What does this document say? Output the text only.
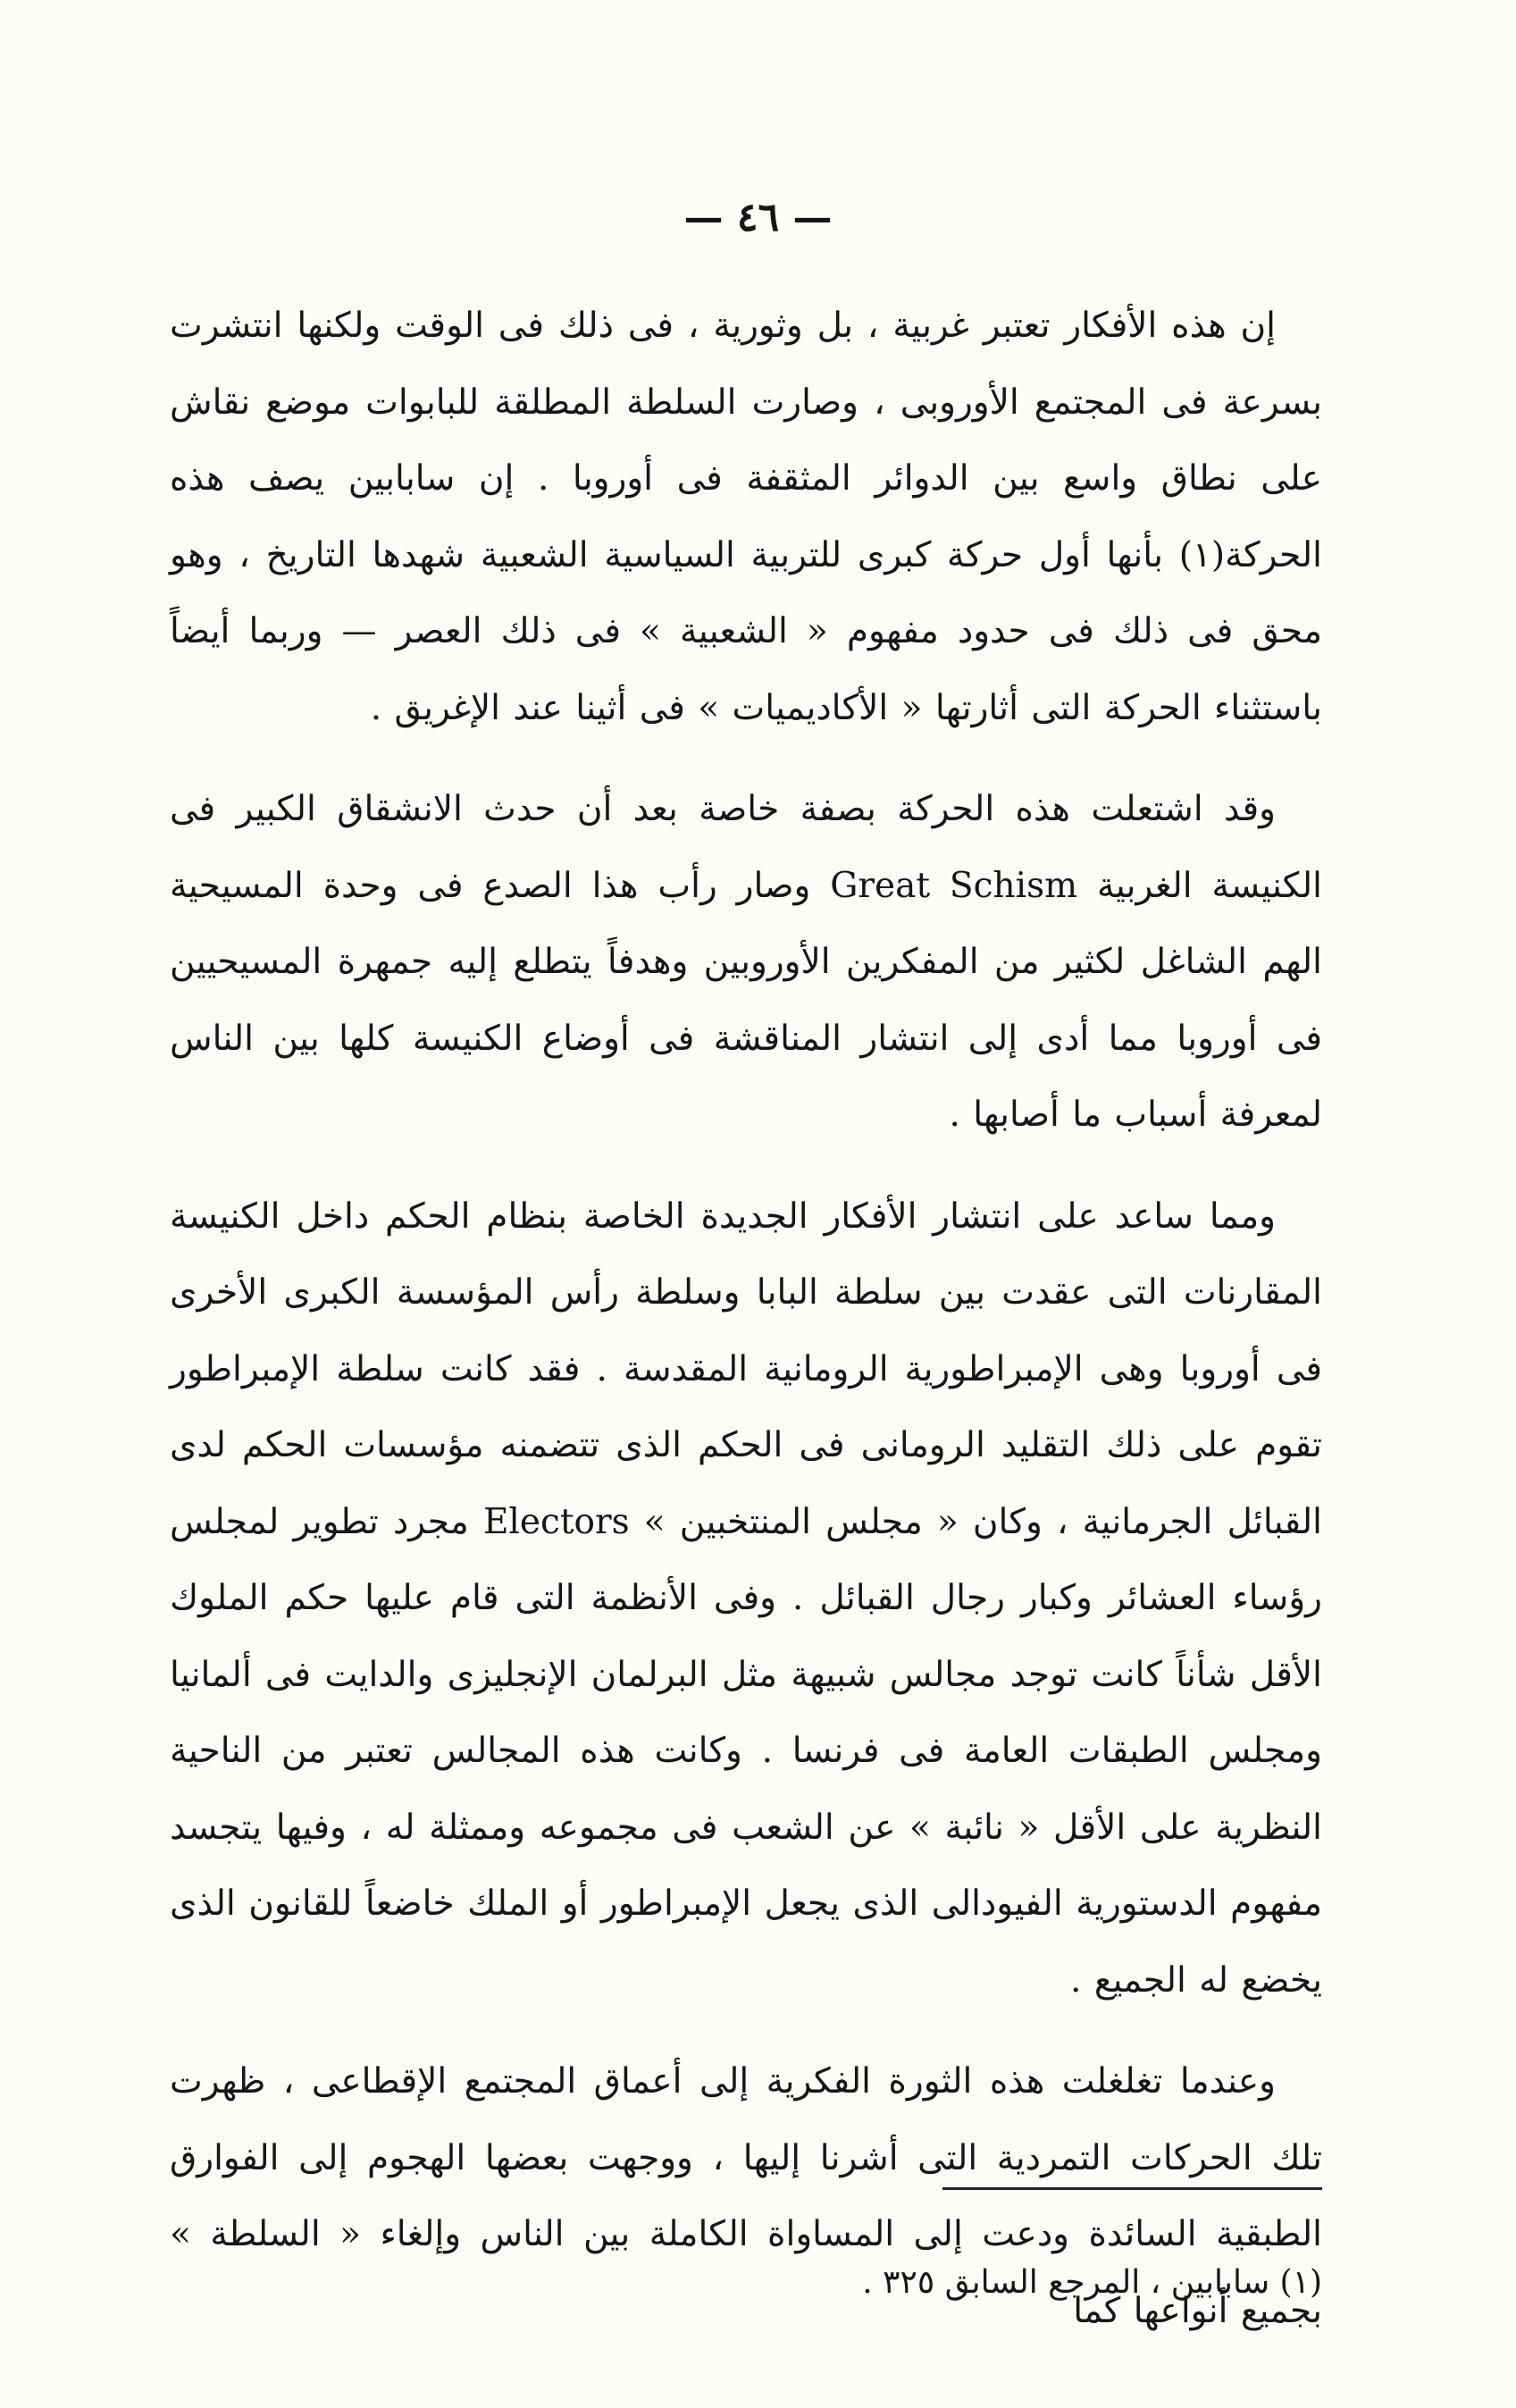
— ٤٦ —

إن هذه الأفكار تعتبر غربية ، بل وثورية ، فى ذلك فى الوقت ولكنها انتشرت بسرعة فى المجتمع الأوروبى ، وصارت السلطة المطلقة للبابوات موضع نقاش على نطاق واسع بين الدوائر المثقفة فى أوروبا . إن سابابين يصف هذه الحركة(١) بأنها أول حركة كبرى للتربية السياسية الشعبية شهدها التاريخ ، وهو محق فى ذلك فى حدود مفهوم « الشعبية » فى ذلك العصر — وربما أيضاً باستثناء الحركة التى أثارتها « الأكاديميات » فى أثينا عند الإغريق .

وقد اشتعلت هذه الحركة بصفة خاصة بعد أن حدث الانشقاق الكبير فى الكنيسة الغربية Great Schism وصار رأب هذا الصدع فى وحدة المسيحية الهم الشاغل لكثير من المفكرين الأوروبين وهدفاً يتطلع إليه جمهرة المسيحيين فى أوروبا مما أدى إلى انتشار المناقشة فى أوضاع الكنيسة كلها بين الناس لمعرفة أسباب ما أصابها .

ومما ساعد على انتشار الأفكار الجديدة الخاصة بنظام الحكم داخل الكنيسة المقارنات التى عقدت بين سلطة البابا وسلطة رأس المؤسسة الكبرى الأخرى فى أوروبا وهى الإمبراطورية الرومانية المقدسة . فقد كانت سلطة الإمبراطور تقوم على ذلك التقليد الرومانى فى الحكم الذى تتضمنه مؤسسات الحكم لدى القبائل الجرمانية ، وكان « مجلس المنتخبين » Electors مجرد تطوير لمجلس رؤساء العشائر وكبار رجال القبائل . وفى الأنظمة التى قام عليها حكم الملوك الأقل شأناً كانت توجد مجالس شبيهة مثل البرلمان الإنجليزى والدايت فى ألمانيا ومجلس الطبقات العامة فى فرنسا . وكانت هذه المجالس تعتبر من الناحية النظرية على الأقل « نائبة » عن الشعب فى مجموعه وممثلة له ، وفيها يتجسد مفهوم الدستورية الفيودالى الذى يجعل الإمبراطور أو الملك خاضعاً للقانون الذى يخضع له الجميع .

وعندما تغلغلت هذه الثورة الفكرية إلى أعماق المجتمع الإقطاعى ، ظهرت تلك الحركات التمردية التى أشرنا إليها ، ووجهت بعضها الهجوم إلى الفوارق الطبقية السائدة ودعت إلى المساواة الكاملة بين الناس وإلغاء « السلطة » بجميع أنواعها كما

(١) سابابين ، المرجع السابق ٣٢٥ .
